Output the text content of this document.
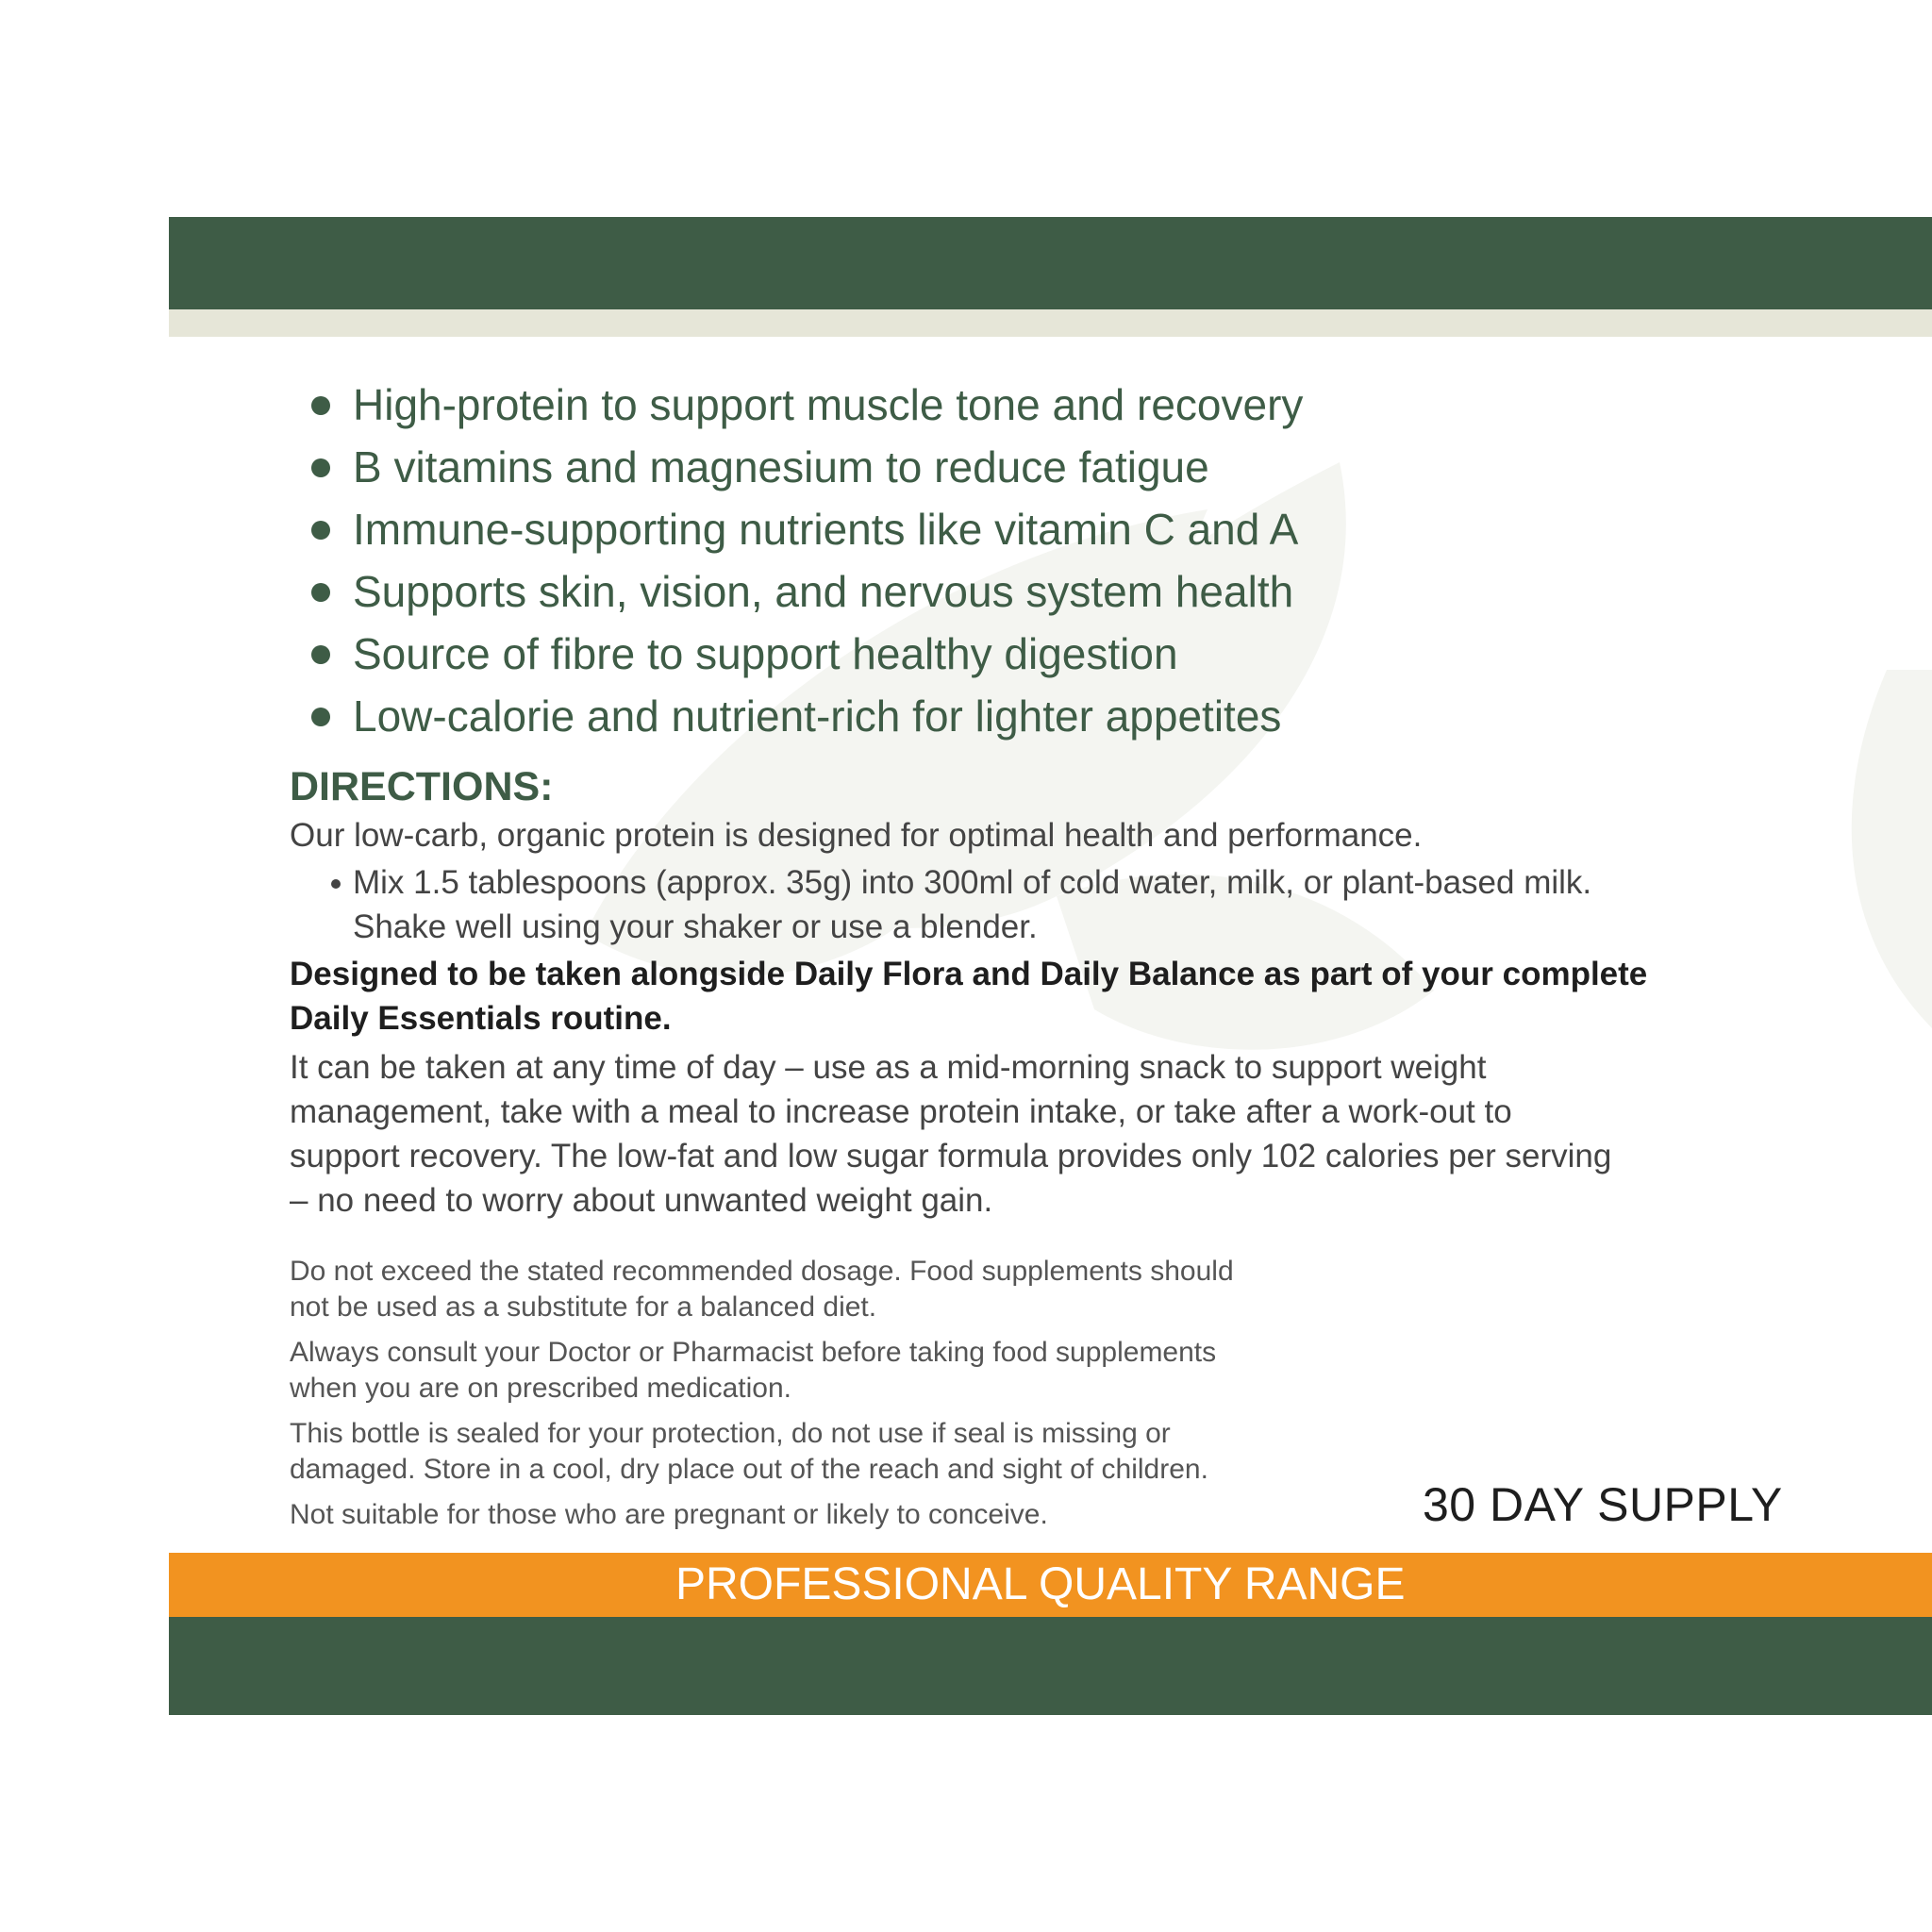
High-protein to support muscle tone and recovery
B vitamins and magnesium to reduce fatigue
Immune-supporting nutrients like vitamin C and A
Supports skin, vision, and nervous system health
Source of fibre to support healthy digestion
Low-calorie and nutrient-rich for lighter appetites
DIRECTIONS:

Our low-carb, organic protein is designed for optimal health and performance.

Mix 1.5 tablespoons (approx. 35g) into 300ml of cold water, milk, or plant-based milk.
Shake well using your shaker or use a blender.
Designed to be taken alongside Daily Flora and Daily Balance as part of your complete
Daily Essentials routine.
It can be taken at any time of day – use as a mid-morning snack to support weight
management, take with a meal to increase protein intake, or take after a work-out to
support recovery. The low-fat and low sugar formula provides only 102 calories per serving
– no need to worry about unwanted weight gain.

Do not exceed the stated recommended dosage. Food supplements should
not be used as a substitute for a balanced diet.

Always consult your Doctor or Pharmacist before taking food supplements
when you are on prescribed medication.

This bottle is sealed for your protection, do not use if seal is missing or
damaged. Store in a cool, dry place out of the reach and sight of children.

Not suitable for those who are pregnant or likely to conceive.	30 DAY SUPPLY
PROFESSIONAL QUALITY RANGE
